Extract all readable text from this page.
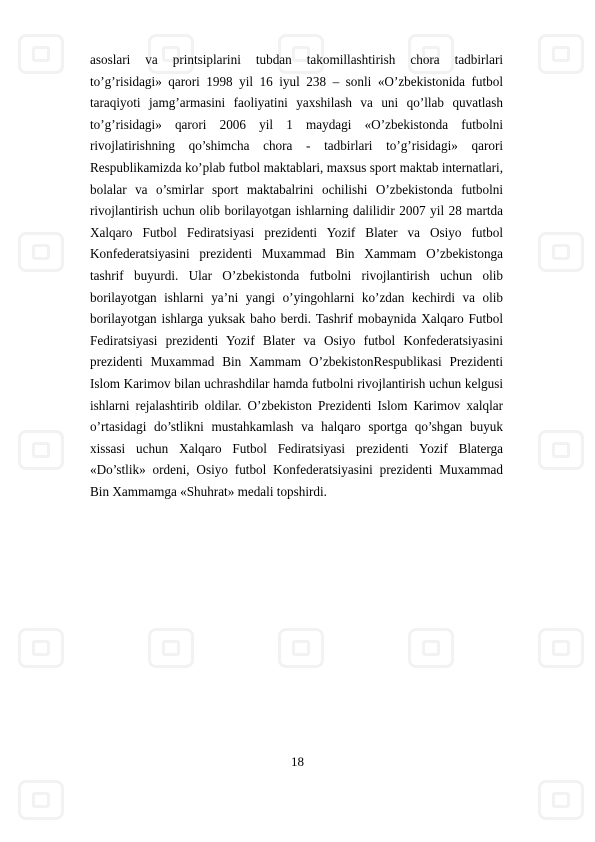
asoslari va printsiplarini tubdan takomillashtirish chora tadbirlari to’g’risidagi» qarori 1998 yil 16 iyul 238 – sonli «O’zbekistonida futbol taraqiyoti jamg’armasini faoliyatini yaxshilash va uni qo’llab quvatlash to’g’risidagi» qarori 2006 yil 1 maydagi «O’zbekistonda futbolni rivojlatirishning qo’shimcha chora - tadbirlari to’g’risidagi» qarori Respublikamizda ko’plab futbol maktablari, maxsus sport maktab internatlari, bolalar va o’smirlar sport maktabalrini ochilishi O’zbekistonda futbolni rivojlantirish uchun olib borilayotgan ishlarning dalilidir 2007 yil 28 martda Xalqaro Futbol Fediratsiyasi prezidenti Yozif Blater va Osiyo futbol Konfederatsiyasini prezidenti Muxammad Bin Xammam O’zbekistonga tashrif buyurdi. Ular O’zbekistonda futbolni rivojlantirish uchun olib borilayotgan ishlarni ya’ni yangi o’yingohlarni ko’zdan kechirdi va olib borilayotgan ishlarga yuksak baho berdi. Tashrif mobaynida Xalqaro Futbol Fediratsiyasi prezidenti Yozif Blater va Osiyo futbol Konfederatsiyasini prezidenti Muxammad Bin Xammam O’zbekistonRespublikasi Prezidenti Islom Karimov bilan uchrashdilar hamda futbolni rivojlantirish uchun kelgusi ishlarni rejalashtirib oldilar. O’zbekiston Prezidenti Islom Karimov xalqlar o’rtasidagi do’stlikni mustahkamlash va halqaro sportga qo’shgan buyuk xissasi uchun Xalqaro Futbol Fediratsiyasi prezidenti Yozif Blaterga «Do’stlik» ordeni, Osiyo futbol Konfederatsiyasini prezidenti Muxammad Bin Xammamga «Shuhrat» medali topshirdi.

18
